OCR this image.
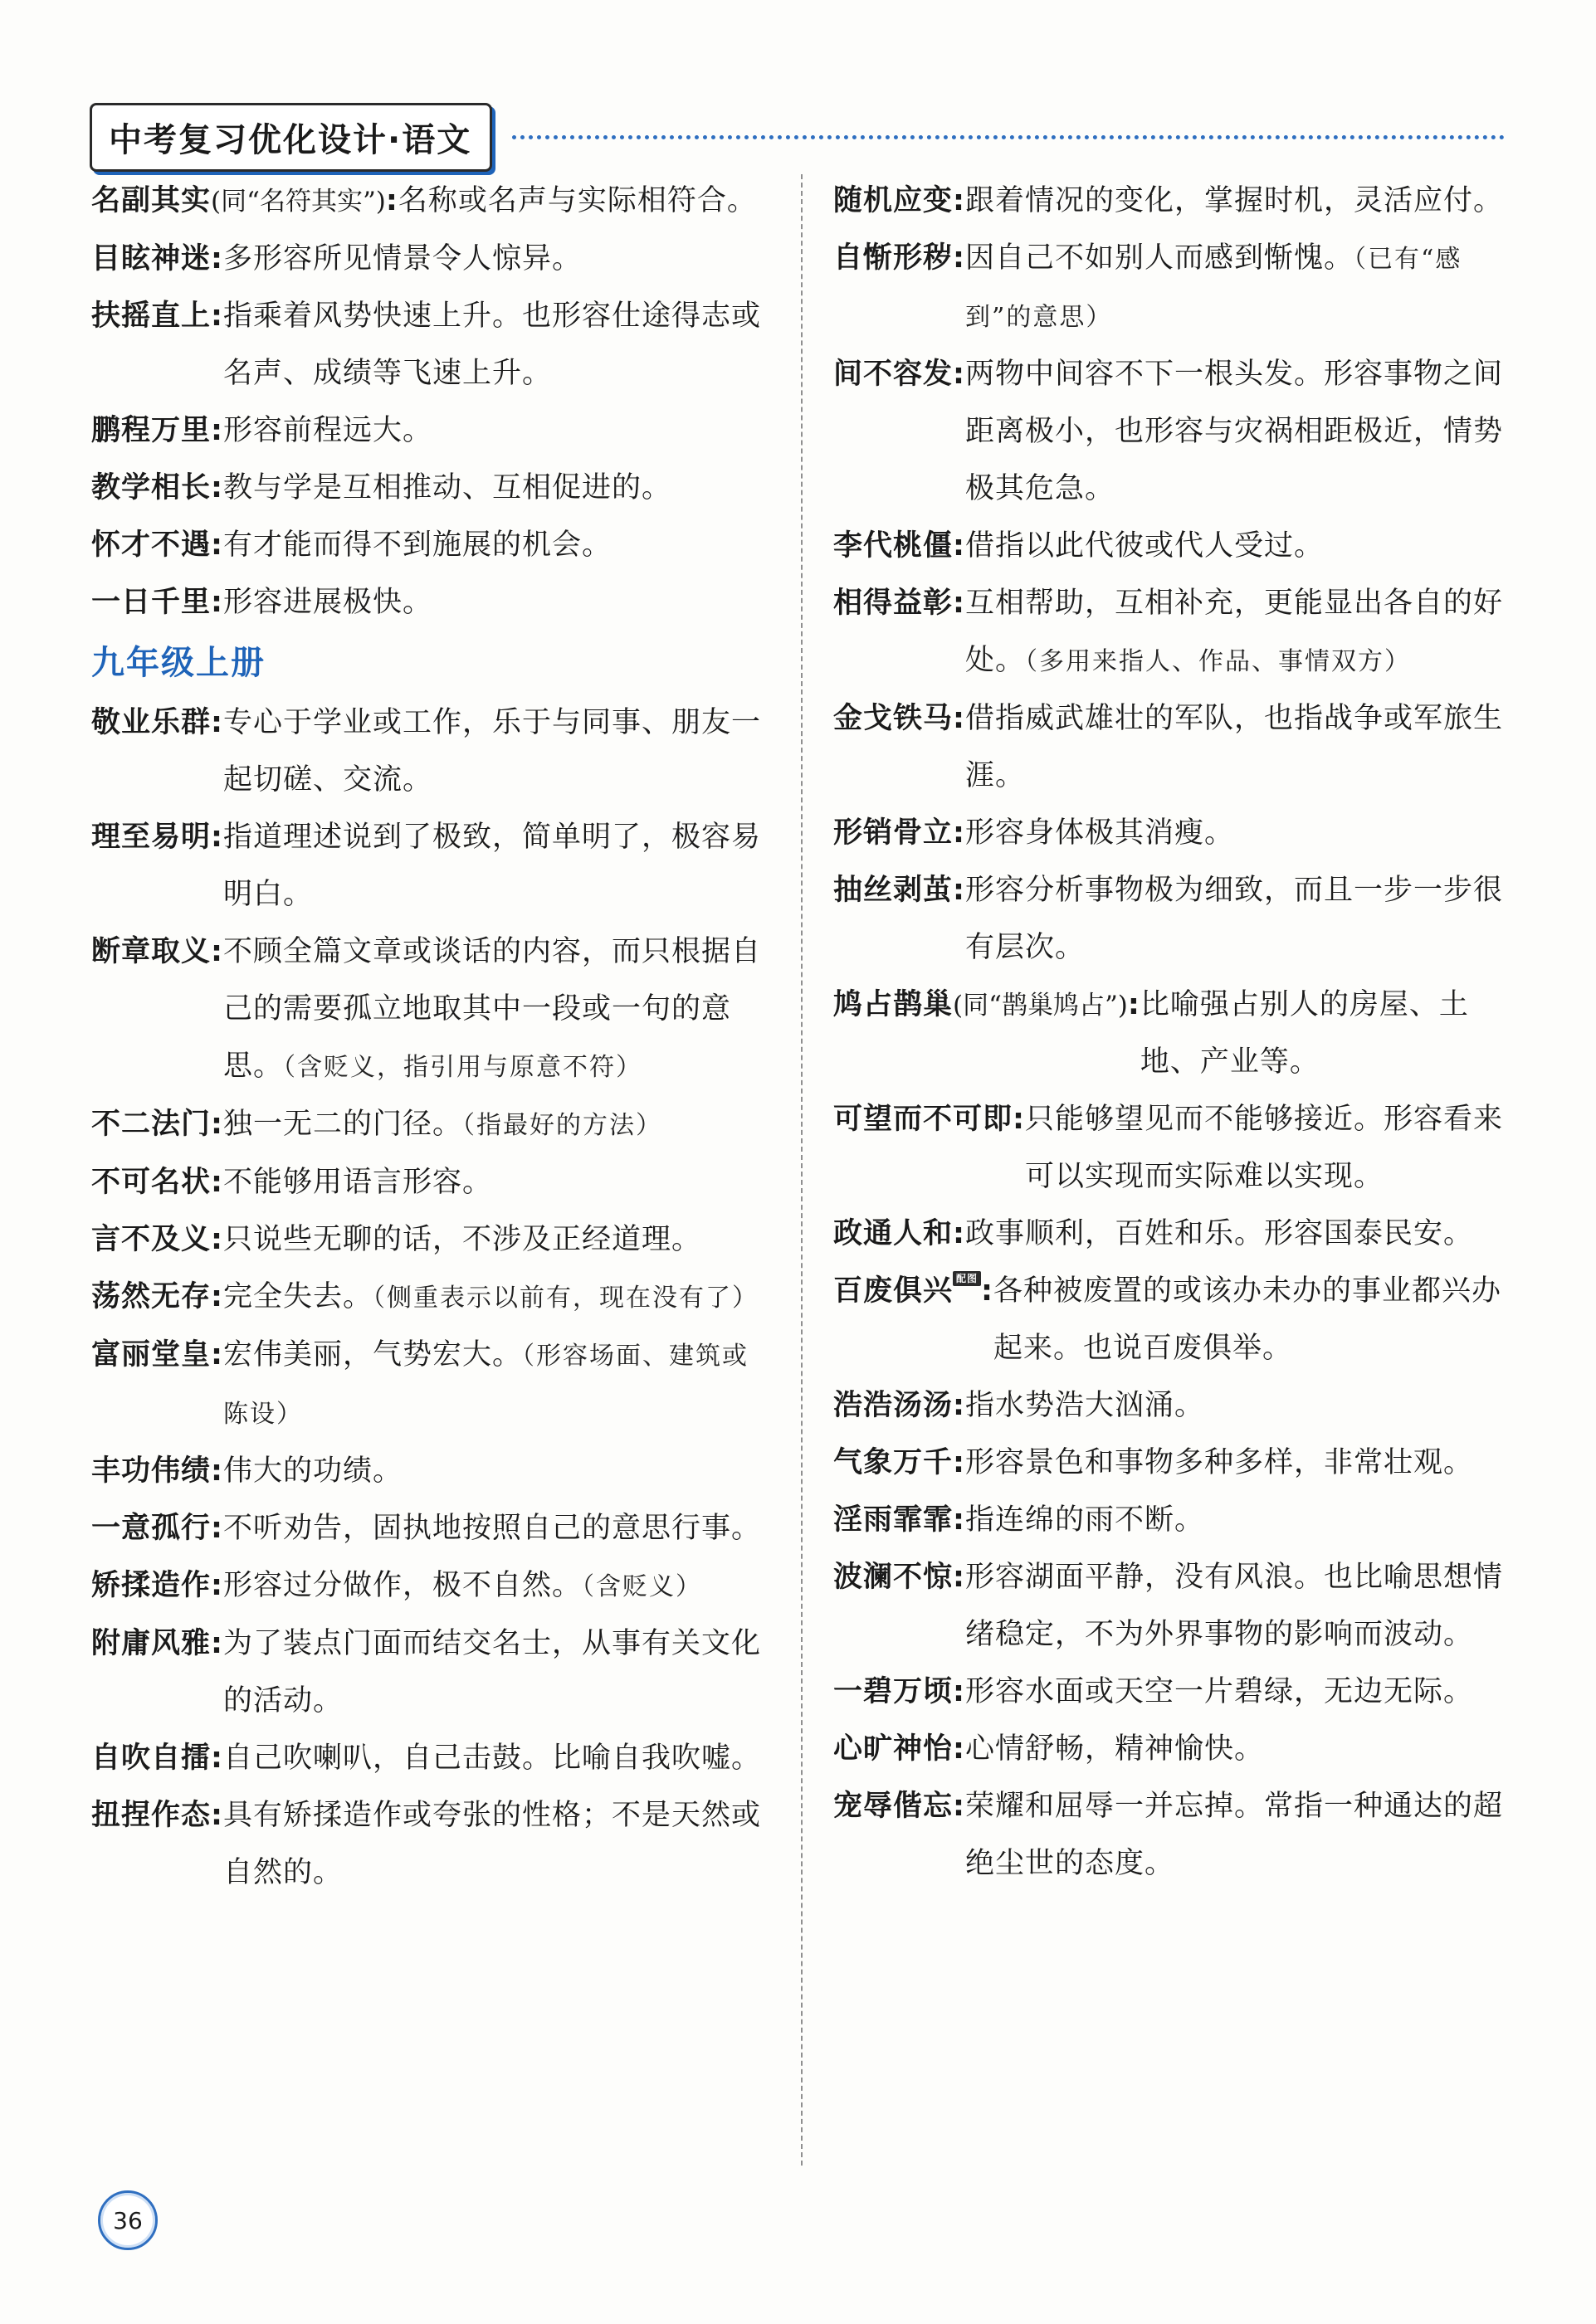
中考复习优化设计·语文
名副其实(同“名符其实”): 名称或名声与实际相符合。
目眩神迷: 多形容所见情景令人惊异。
扶摇直上: 指乘着风势快速上升。也形容仕途得志或名声、成绩等飞速上升。
鹏程万里: 形容前程远大。
教学相长: 教与学是互相推动、互相促进的。
怀才不遇: 有才能而得不到施展的机会。
一日千里: 形容进展极快。
九年级上册
敬业乐群: 专心于学业或工作，乐于与同事、朋友一起切磋、交流。
理至易明: 指道理述说到了极致，简单明了，极容易明白。
断章取义: 不顾全篇文章或谈话的内容，而只根据自己的需要孤立地取其中一段或一句的意思。（含贬义，指引用与原意不符）
不二法门: 独一无二的门径。（指最好的方法）
不可名状: 不能够用语言形容。
言不及义: 只说些无聊的话，不涉及正经道理。
荡然无存: 完全失去。（侧重表示以前有，现在没有了）
富丽堂皇: 宏伟美丽，气势宏大。（形容场面、建筑或陈设）
丰功伟绩: 伟大的功绩。
一意孤行: 不听劝告，固执地按照自己的意思行事。
矫揉造作: 形容过分做作，极不自然。（含贬义）
附庸风雅: 为了装点门面而结交名士，从事有关文化的活动。
自吹自擂: 自己吹喇叭，自己击鼓。比喻自我吹嘘。
扭捏作态: 具有矫揉造作或夸张的性格；不是天然或自然的。
随机应变: 跟着情况的变化，掌握时机，灵活应付。
自惭形秽: 因自己不如别人而感到惭愧。（已有“感到”的意思）
间不容发: 两物中间容不下一根头发。形容事物之间距离极小，也形容与灾祸相距极近，情势极其危急。
李代桃僵: 借指以此代彼或代人受过。
相得益彰: 互相帮助，互相补充，更能显出各自的好处。（多用来指人、作品、事情双方）
金戈铁马: 借指威武雄壮的军队，也指战争或军旅生涯。
形销骨立: 形容身体极其消瘦。
抽丝剥茧: 形容分析事物极为细致，而且一步一步很有层次。
鸠占鹊巢(同“鹊巢鸠占”): 比喻强占别人的房屋、土地、产业等。
可望而不可即: 只能够望见而不能够接近。形容看来可以实现而实际难以实现。
政通人和: 政事顺利，百姓和乐。形容国泰民安。
百废俱兴 配图 : 各种被废置的或该办未办的事业都兴办起来。也说百废俱举。
浩浩汤汤: 指水势浩大汹涌。
气象万千: 形容景色和事物多种多样，非常壮观。
淫雨霏霏: 指连绵的雨不断。
波澜不惊: 形容湖面平静，没有风浪。也比喻思想情绪稳定，不为外界事物的影响而波动。
一碧万顷: 形容水面或天空一片碧绿，无边无际。
心旷神怡: 心情舒畅，精神愉快。
宠辱偕忘: 荣耀和屈辱一并忘掉。常指一种通达的超绝尘世的态度。
36
